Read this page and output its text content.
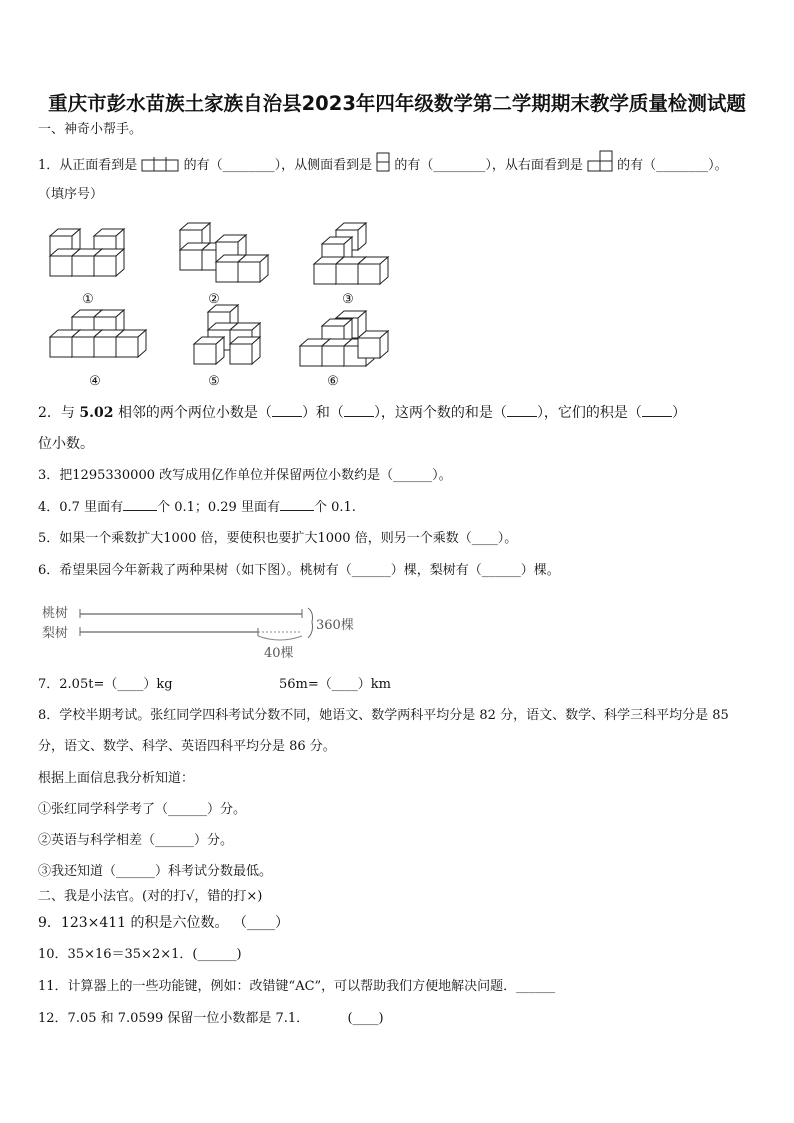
重庆市彭水苗族土家族自治县2023年四年级数学第二学期期末教学质量检测试题
一、神奇小帮手。
1．从正面看到是	的有（________），从侧面看到是 的有（________），从右面看到是	的有（________）。
（填序号）
①	②	③
④	⑤	⑥
2．与 5.02 相邻的两个两位小数是（ ）和（ ），这两个数的和是（ ），它们的积是（ ）
位小数。
3．把1295330000 改写成用亿作单位并保留两位小数约是（______）。
4．0.7 里面有	个 0.1；0.29 里面有	个 0.1.
5．如果一个乘数扩大1000 倍，要使积也要扩大1000 倍，则另一个乘数（____）。
6．希望果园今年新栽了两种果树（如下图）。桃树有（______）棵，梨树有（______）棵。
桃树
梨树
360棵
40棵
7．2.05t=（____）kg	56m=（____）km
8．学校半期考试。张红同学四科考试分数不同，她语文、数学两科平均分是 82 分，语文、数学、科学三科平均分是 85
分，语文、数学、科学、英语四科平均分是 86 分。
根据上面信息我分析知道：
①张红同学科学考了（______）分。
②英语与科学相差（______）分。
③我还知道（______）科考试分数最低。
二、我是小法官。(对的打√，错的打×)
9．123×411 的积是六位数。 （____）
10．35×16＝35×2×1．(______)
11．计算器上的一些功能键，例如：改错键“AC”，可以帮助我们方便地解决问题．______
12．7.05 和 7.0599 保留一位小数都是 7.1．	(____)
